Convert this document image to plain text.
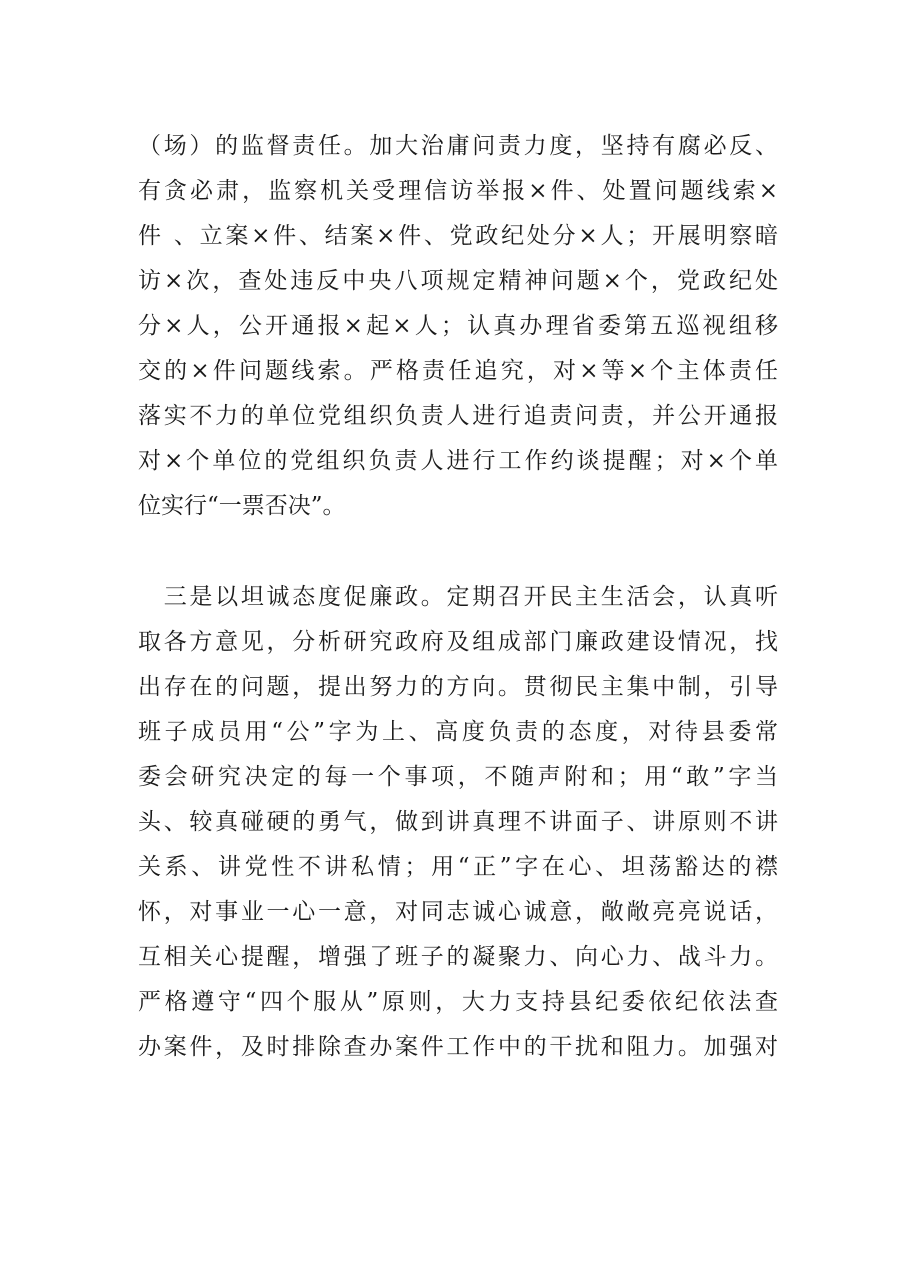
（场）的监督责任。加大治庸问责力度，坚持有腐必反、
有贪必肃，监察机关受理信访举报×件、处置问题线索×
件 、立案×件、结案×件、党政纪处分×人；开展明察暗
访×次，查处违反中央八项规定精神问题×个，党政纪处
分×人，公开通报×起×人；认真办理省委第五巡视组移
交的×件问题线索。严格责任追究，对×等×个主体责任
落实不力的单位党组织负责人进行追责问责，并公开通报
对×个单位的党组织负责人进行工作约谈提醒；对×个单
位实行“一票否决”。
　三是以坦诚态度促廉政。定期召开民主生活会，认真听
取各方意见，分析研究政府及组成部门廉政建设情况，找
出存在的问题，提出努力的方向。贯彻民主集中制，引导
班子成员用“公”字为上、高度负责的态度，对待县委常
委会研究决定的每一个事项，不随声附和；用“敢”字当
头、较真碰硬的勇气，做到讲真理不讲面子、讲原则不讲
关系、讲党性不讲私情；用“正”字在心、坦荡豁达的襟
怀，对事业一心一意，对同志诚心诚意，敞敞亮亮说话，
互相关心提醒，增强了班子的凝聚力、向心力、战斗力。
严格遵守“四个服从”原则，大力支持县纪委依纪依法查
办案件，及时排除查办案件工作中的干扰和阻力。加强对
